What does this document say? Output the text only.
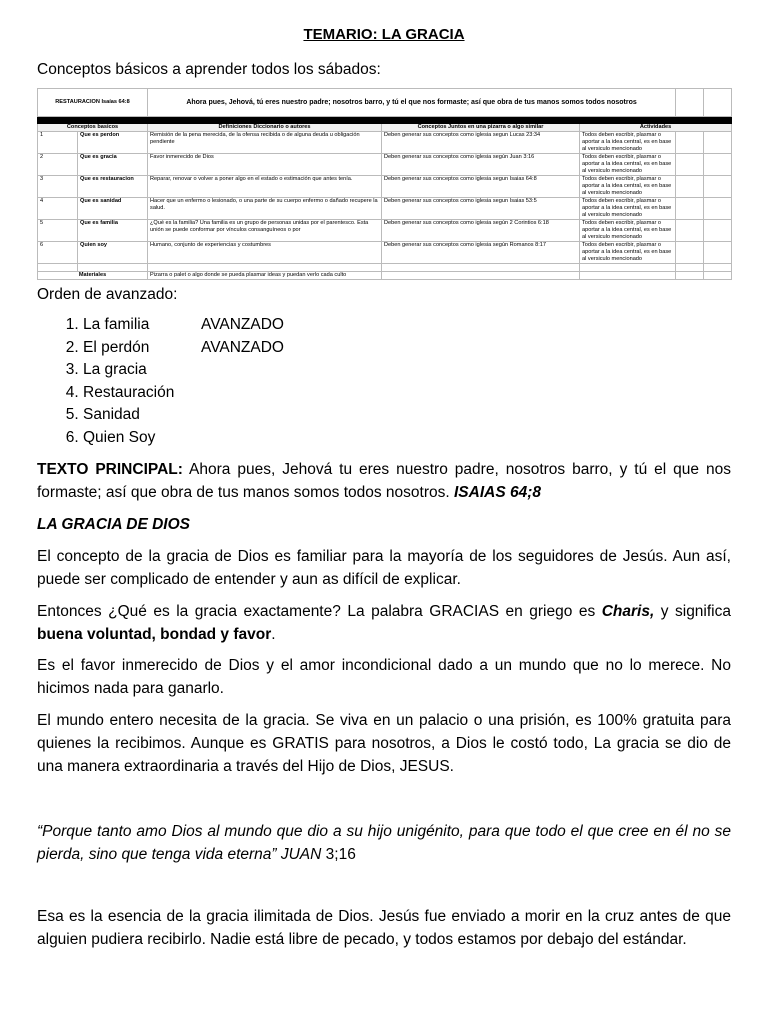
TEMARIO: LA GRACIA
Conceptos básicos a aprender todos los sábados:
RESTAURACION Isaías 64:8		Ahora pues, Jehová, tú eres nuestro padre; nosotros barro, y tú el que nos formaste; así que obra de tus manos somos todos nosotros				

Conceptos basicos		Definiciones Diccionario o autores	Conceptos Juntos en una pizarra o algo similar	Actividades		
1	Que es perdon	Remisión de la pena merecida, de la ofensa recibida o de alguna deuda u obligación pendiente	Deben generar sus conceptos como iglesia segun Lucas 23:34	Todos deben escribir, plasmar o aportar a la idea central, es en base al versiculo mencionado		
2	Que es gracia	Favor inmerecido de Dios	Deben generar sus conceptos como iglesia según Juan 3:16	Todos deben escribir, plasmar o aportar a la idea central, es en base al versiculo mencionado		
3	Que es restauracion	Reparar, renovar o volver a poner algo en el estado o estimación que antes tenía.	Deben generar sus conceptos como iglesia segun Isaias 64:8	Todos deben escribir, plasmar o aportar a la idea central, es en base al versiculo mencionado		
4	Que es sanidad	Hacer que un enfermo o lesionado, o una parte de su cuerpo enfermo o dañado recupere la salud.	Deben generar sus conceptos como iglesia segun Isaias 53:5	Todos deben escribir, plasmar o aportar a la idea central, es en base al versiculo mencionado		
5	Que es familia	¿Qué es la familia? Una familia es un grupo de personas unidas por el parentesco. Esta unión se puede conformar por vínculos consanguíneos o por	Deben generar sus conceptos como iglesia según 2 Corintios 6:18	Todos deben escribir, plasmar o aportar a la idea central, es en base al versiculo mencionado		
6	Quien soy	Humano, conjunto de experiencias y costumbres	Deben generar sus conceptos como iglesia según Romanos 8:17	Todos deben escribir, plasmar o aportar a la idea central, es en base al versiculo mencionado		

Materiales		Pizarra o palet o algo donde se pueda plasmar ideas y puedan verlo cada culto				
Orden de avanzado:
1. La familia	AVANZADO
2. El perdón	AVANZADO
3. La gracia
4. Restauración
5. Sanidad
6. Quien Soy
TEXTO PRINCIPAL: Ahora pues, Jehová tu eres nuestro padre, nosotros barro, y tú el que nos formaste; así que obra de tus manos somos todos nosotros. ISAIAS 64;8
LA GRACIA DE DIOS
El concepto de la gracia de Dios es familiar para la mayoría de los seguidores de Jesús. Aun así, puede ser complicado de entender y aun as difícil de explicar.
Entonces ¿Qué es la gracia exactamente? La palabra GRACIAS en griego es Charis, y significa buena voluntad, bondad y favor.
Es el favor inmerecido de Dios y el amor incondicional dado a un mundo que no lo merece. No hicimos nada para ganarlo.
El mundo entero necesita de la gracia. Se viva en un palacio o una prisión, es 100% gratuita para quienes la recibimos. Aunque es GRATIS para nosotros, a Dios le costó todo, La gracia se dio de una manera extraordinaria a través del Hijo de Dios, JESUS.
“Porque tanto amo Dios al mundo que dio a su hijo unigénito, para que todo el que cree en él no se pierda, sino que tenga vida eterna” JUAN 3;16
Esa es la esencia de la gracia ilimitada de Dios. Jesús fue enviado a morir en la cruz antes de que alguien pudiera recibirlo. Nadie está libre de pecado, y todos estamos por debajo del estándar.
